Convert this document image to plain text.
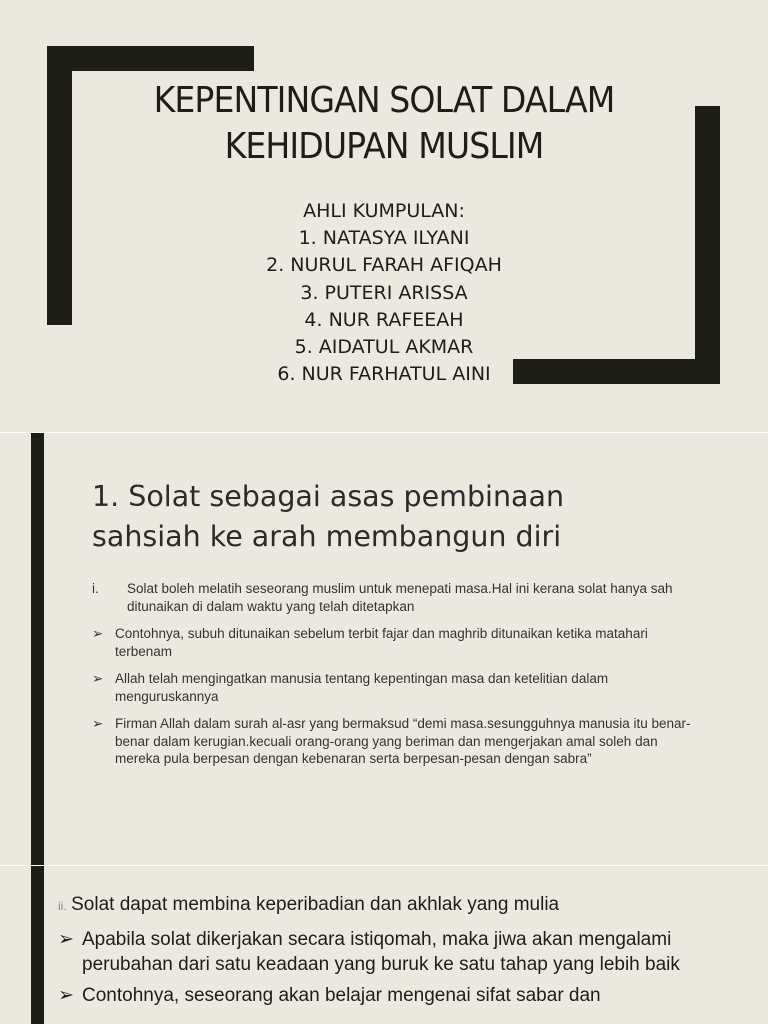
KEPENTINGAN SOLAT DALAM
KEHIDUPAN MUSLIM
AHLI KUMPULAN:
1. NATASYA ILYANI
2. NURUL FARAH AFIQAH
3. PUTERI ARISSA
4. NUR RAFEEAH
5. AIDATUL AKMAR
6. NUR FARHATUL AINI
1. Solat sebagai asas pembinaan
sahsiah ke arah membangun diri
i. Solat boleh melatih seseorang muslim untuk menepati masa.Hal ini kerana solat hanya sah ditunaikan di dalam waktu yang telah ditetapkan
➢ Contohnya, subuh ditunaikan sebelum terbit fajar dan maghrib ditunaikan ketika matahari terbenam
➢ Allah telah mengingatkan manusia tentang kepentingan masa dan ketelitian dalam menguruskannya
➢ Firman Allah dalam surah al-asr yang bermaksud “demi masa.sesungguhnya manusia itu benar-benar dalam kerugian.kecuali orang-orang yang beriman dan mengerjakan amal soleh dan mereka pula berpesan dengan kebenaran serta berpesan-pesan dengan sabra”
ii. Solat dapat membina keperibadian dan akhlak yang mulia
➢ Apabila solat dikerjakan secara istiqomah, maka jiwa akan mengalami perubahan dari satu keadaan yang buruk ke satu tahap yang lebih baik
➢ Contohnya, seseorang akan belajar mengenai sifat sabar dan
